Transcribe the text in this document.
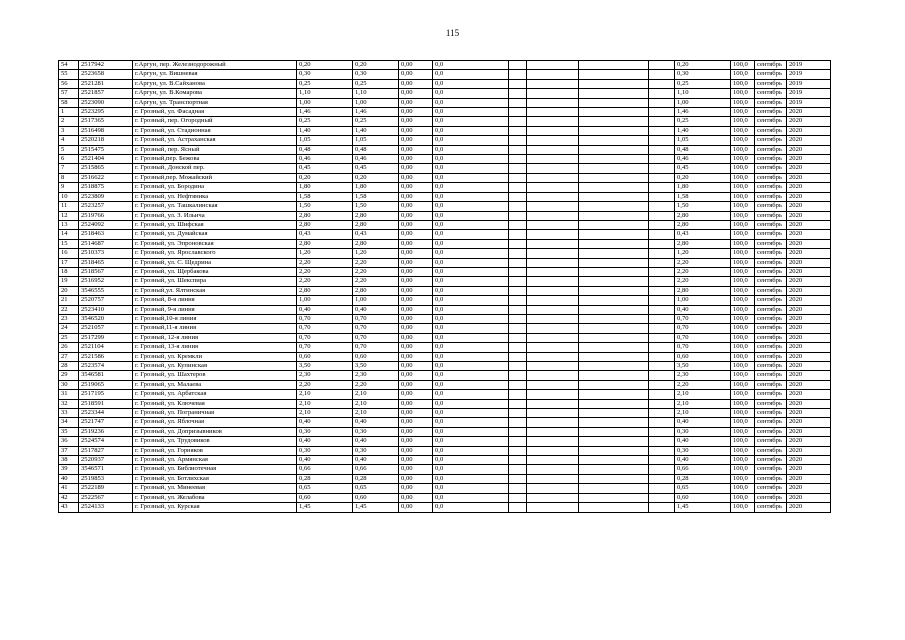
115
54	2517942	г.Аргун, пер. Железнодорожный	0,20	0,20	0,00	0,0					0,20	100,0	сентябрь	2019
55	2523658	г.Аргун, ул. Вишневая	0,30	0,30	0,00	0,0					0,30	100,0	сентябрь	2019
56	2521281	г.Аргун, ул. В.Сайханова	0,25	0,25	0,00	0,0					0,25	100,0	сентябрь	2019
57	2521857	г.Аргун, ул. В.Комарова	1,10	1,10	0,00	0,0					1,10	100,0	сентябрь	2019
58	2523090	г.Аргун, ул. Транспортная	1,00	1,00	0,00	0,0					1,00	100,0	сентябрь	2019
1	2523295	г. Грозный, ул. Фасадная	1,46	1,46	0,00	0,0					1,46	100,0	сентябрь	2020
2	2517365	г. Грозный, пер. Огородный	0,25	0,25	0,00	0,0					0,25	100,0	сентябрь	2020
3	2516498	г. Грозный, ул. Стадионная	1,40	1,40	0,00	0,0					1,40	100,0	сентябрь	2020
4	2520218	г. Грозный, ул. Астраханская	1,05	1,05	0,00	0,0					1,05	100,0	сентябрь	2020
5	2515475	г. Грозный, пер. Ясный	0,48	0,48	0,00	0,0					0,48	100,0	сентябрь	2020
6	2521404	г. Грозный,пер. Бежова	0,46	0,46	0,00	0,0					0,46	100,0	сентябрь	2020
7	2515865	г. Грозный, Донской пер.	0,45	0,45	0,00	0,0					0,45	100,0	сентябрь	2020
8	2516622	г. Грозный,пер. Можайский	0,20	0,20	0,00	0,0					0,20	100,0	сентябрь	2020
9	2518875	г. Грозный, ул. Бородина	1,80	1,80	0,00	0,0					1,80	100,0	сентябрь	2020
10	2523809	г. Грозный, ул. Нефтяника	1,58	1,58	0,00	0,0					1,58	100,0	сентябрь	2020
11	2523257	г. Грозный, ул. Ташкалинская	1,50	1,50	0,00	0,0					1,50	100,0	сентябрь	2020
12	2519766	г. Грозный, ул. З. Ильича	2,80	2,80	0,00	0,0					2,80	100,0	сентябрь	2020
13	2524092	г. Грозный, ул. Шифская	2,80	2,80	0,00	0,0					2,80	100,0	сентябрь	2020
14	2518463	г. Грозный, ул. Думайская	0,43	0,43	0,00	0,0					0,43	100,0	сентябрь	2020
15	2514687	г. Грозный, ул. Эпроновская	2,80	2,80	0,00	0,0					2,80	100,0	сентябрь	2020
16	2510373	г. Грозный, ул. Ярославского	1,20	1,20	0,00	0,0					1,20	100,0	сентябрь	2020
17	2518465	г. Грозный, ул. С. Щедрина	2,20	2,20	0,00	0,0					2,20	100,0	сентябрь	2020
18	2518567	г. Грозный, ул. Щербакова	2,20	2,20	0,00	0,0					2,20	100,0	сентябрь	2020
19	2516952	г. Грозный, ул. Шекспира	2,20	2,20	0,00	0,0					2,20	100,0	сентябрь	2020
20	3546555	г. Грозный,ул. Ялтинская	2,80	2,80	0,00	0,0					2,80	100,0	сентябрь	2020
21	2520757	г. Грозный, 8-я линия	1,00	1,00	0,00	0,0					1,00	100,0	сентябрь	2020
22	2523410	г. Грозный, 9-я линия	0,40	0,40	0,00	0,0					0,40	100,0	сентябрь	2020
23	3546520	г. Грозный,10-я линия	0,70	0,70	0,00	0,0					0,70	100,0	сентябрь	2020
24	2521057	г. Грозный,11-я линия	0,70	0,70	0,00	0,0					0,70	100,0	сентябрь	2020
25	2517299	г. Грозный, 12-я линия	0,70	0,70	0,00	0,0					0,70	100,0	сентябрь	2020
26	2521104	г. Грозный, 13-я линия	0,70	0,70	0,00	0,0					0,70	100,0	сентябрь	2020
27	2521586	г. Грозный, ул. Кремкли	0,60	0,60	0,00	0,0					0,60	100,0	сентябрь	2020
28	2523574	г. Грозный, ул. Купинская	3,50	3,50	0,00	0,0					3,50	100,0	сентябрь	2020
29	3546581	г. Грозный, ул. Шахтеров	2,30	2,30	0,00	0,0					2,30	100,0	сентябрь	2020
30	2519065	г. Грозный, ул. Малаева	2,20	2,20	0,00	0,0					2,20	100,0	сентябрь	2020
31	2517195	г. Грозный, ул. Арбатская	2,10	2,10	0,00	0,0					2,10	100,0	сентябрь	2020
32	2518591	г. Грозный, ул. Ключевая	2,10	2,10	0,00	0,0					2,10	100,0	сентябрь	2020
33	2523344	г. Грозный, ул. Пограничная	2,10	2,10	0,00	0,0					2,10	100,0	сентябрь	2020
34	2521747	г. Грозный, ул. Яблочная	0,40	0,40	0,00	0,0					0,40	100,0	сентябрь	2020
35	2519236	г. Грозный, ул. Допризывников	0,30	0,30	0,00	0,0					0,30	100,0	сентябрь	2020
36	2524574	г. Грозный, ул. Трудовиков	0,40	0,40	0,00	0,0					0,40	100,0	сентябрь	2020
37	2517827	г. Грозный, ул. Горняков	0,30	0,30	0,00	0,0					0,30	100,0	сентябрь	2020
38	2520937	г. Грозный, ул. Армянская	0,40	0,40	0,00	0,0					0,40	100,0	сентябрь	2020
39	3546571	г. Грозный, ул. Библиотечная	0,66	0,66	0,00	0,0					0,66	100,0	сентябрь	2020
40	2519853	г. Грозный, ул. Ботлихская	0,28	0,28	0,00	0,0					0,28	100,0	сентябрь	2020
41	2522189	г. Грозный, ул. Минеевая	0,65	0,65	0,00	0,0					0,65	100,0	сентябрь	2020
42	2522567	г. Грозный, ул. Желабова	0,60	0,60	0,00	0,0					0,60	100,0	сентябрь	2020
43	2524133	г. Грозный, ул. Курская	1,45	1,45	0,00	0,0					1,45	100,0	сентябрь	2020
